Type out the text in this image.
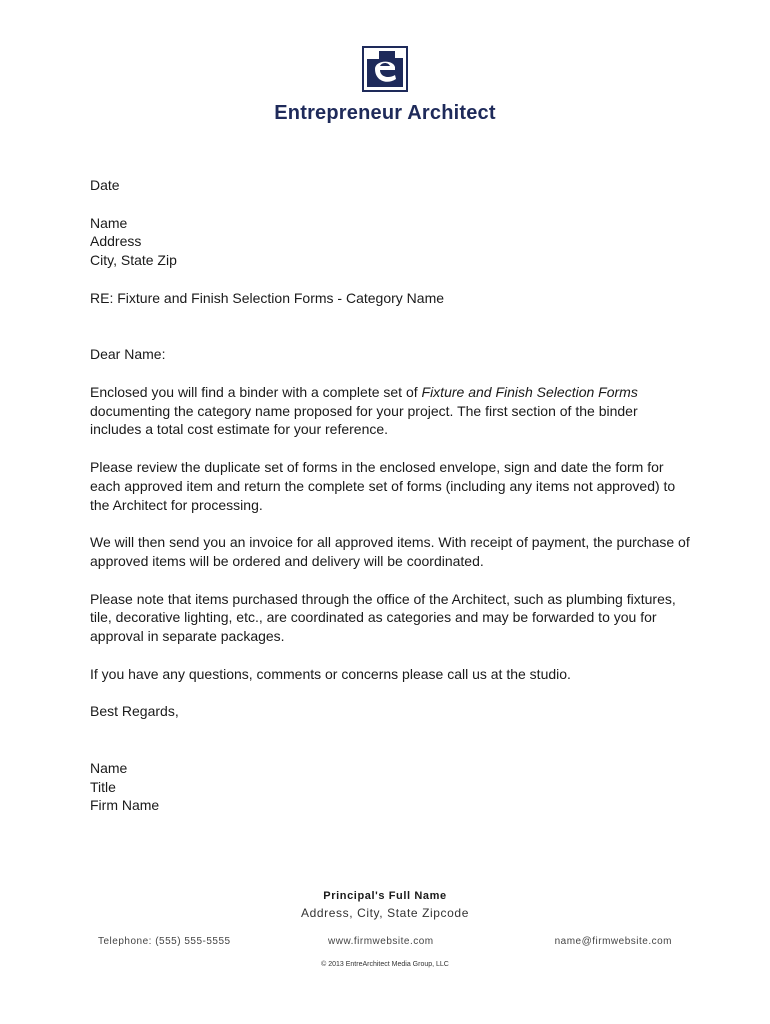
Entrepreneur Architect

Date

Name

Address

City, State Zip

RE: Fixture and Finish Selection Forms - Category Name

Dear Name:

Enclosed you will find a binder with a complete set of Fixture and Finish Selection Forms documenting the category name proposed for your project. The first section of the binder includes a total cost estimate for your reference.

Please review the duplicate set of forms in the enclosed envelope, sign and date the form for each approved item and return the complete set of forms (including any items not approved) to the Architect for processing.

We will then send you an invoice for all approved items. With receipt of payment, the purchase of approved items will be ordered and delivery will be coordinated.

Please note that items purchased through the office of the Architect, such as plumbing fixtures, tile, decorative lighting, etc., are coordinated as categories and may be forwarded to you for approval in separate packages.

If you have any questions, comments or concerns please call us at the studio.

Best Regards,

Name

Title

Firm Name

Principal's Full Name
Address, City, State Zipcode
Telephone: (555) 555-5555	www.firmwebsite.com	name@firmwebsite.com
© 2013 EntreArchitect Media Group, LLC
